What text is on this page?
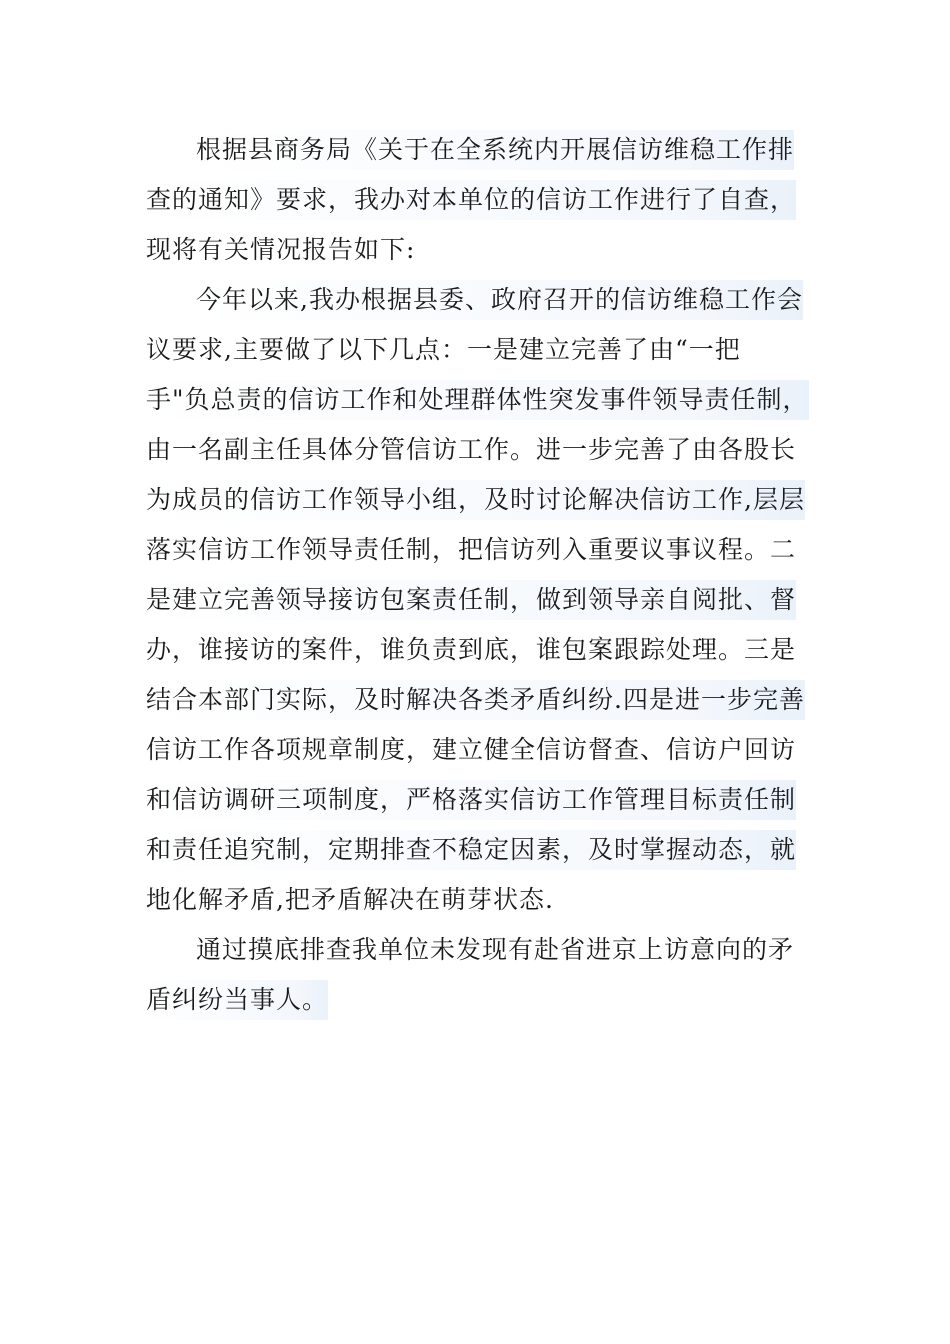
根据县商务局《关于在全系统内开展信访维稳工作排
查的通知》要求，我办对本单位的信访工作进行了自查，
现将有关情况报告如下:
今年以来,我办根据县委、政府召开的信访维稳工作会
议要求,主要做了以下几点：一是建立完善了由“一把
手"负总责的信访工作和处理群体性突发事件领导责任制，
由一名副主任具体分管信访工作。进一步完善了由各股长
为成员的信访工作领导小组，及时讨论解决信访工作,层层
落实信访工作领导责任制，把信访列入重要议事议程。二
是建立完善领导接访包案责任制，做到领导亲自阅批、督
办，谁接访的案件，谁负责到底，谁包案跟踪处理。三是
结合本部门实际，及时解决各类矛盾纠纷.四是进一步完善
信访工作各项规章制度，建立健全信访督查、信访户回访
和信访调研三项制度，严格落实信访工作管理目标责任制
和责任追究制，定期排查不稳定因素，及时掌握动态，就
地化解矛盾,把矛盾解决在萌芽状态.
通过摸底排查我单位未发现有赴省进京上访意向的矛
盾纠纷当事人。
